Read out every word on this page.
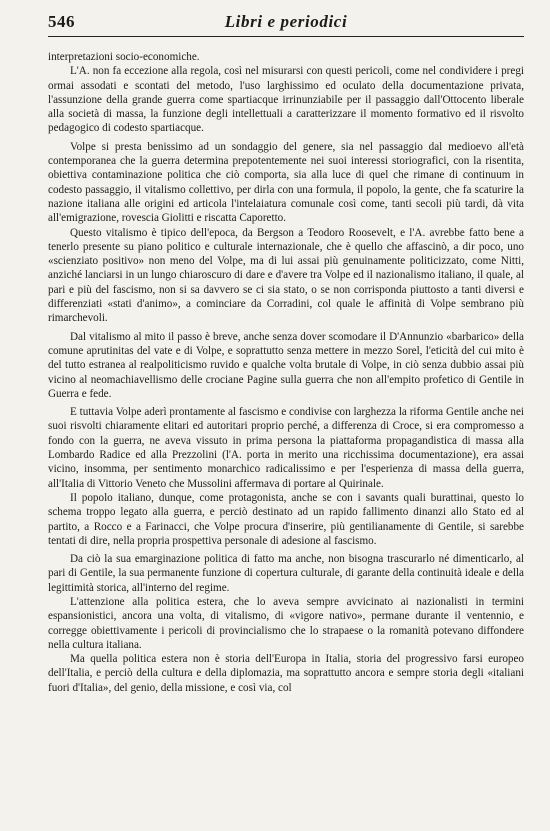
546	Libri e periodici

interpretazioni socio-economiche.

L'A. non fa eccezione alla regola, così nel misurarsi con questi pericoli, come nel condividere i pregi ormai assodati e scontati del metodo, l'uso larghissimo ed oculato della documentazione privata, l'assunzione della grande guerra come spartiacque irrinunziabile per il passaggio dall'Ottocento liberale alla società di massa, la funzione degli intellettuali a caratterizzare il momento formativo ed il risvolto pedagogico di codesto spartiacque.

Volpe si presta benissimo ad un sondaggio del genere, sia nel passaggio dal medioevo all'età contemporanea che la guerra determina prepotentemente nei suoi interessi storiografici, con la risentita, obiettiva contaminazione politica che ciò comporta, sia alla luce di quel che rimane di continuum in codesto passaggio, il vitalismo collettivo, per dirla con una formula, il popolo, la gente, che fa scaturire la nazione italiana alle origini ed articola l'intelaiatura comunale così come, tanti secoli più tardi, dà vita all'emigrazione, rovescia Giolitti e riscatta Caporetto.

Questo vitalismo è tipico dell'epoca, da Bergson a Teodoro Roosevelt, e l'A. avrebbe fatto bene a tenerlo presente su piano politico e culturale internazionale, che è quello che affascinò, a dir poco, uno «scienziato positivo» non meno del Volpe, ma di lui assai più genuinamente politicizzato, come Nitti, anziché lanciarsi in un lungo chiaroscuro di dare e d'avere tra Volpe ed il nazionalismo italiano, il quale, al pari e più del fascismo, non si sa davvero se ci sia stato, o se non corrisponda piuttosto a tanti diversi e differenziati «stati d'animo», a cominciare da Corradini, col quale le affinità di Volpe sembrano più rimarchevoli.

Dal vitalismo al mito il passo è breve, anche senza dover scomodare il D'Annunzio «barbarico» della comune aprutinitas del vate e di Volpe, e soprattutto senza mettere in mezzo Sorel, l'eticità del cui mito è del tutto estranea al realpoliticismo ruvido e qualche volta brutale di Volpe, in ciò senza dubbio assai più vicino al neomachiavellismo delle crociane Pagine sulla guerra che non all'empito profetico di Gentile in Guerra e fede.

E tuttavia Volpe aderì prontamente al fascismo e condivise con larghezza la riforma Gentile anche nei suoi risvolti chiaramente elitari ed autoritari proprio perché, a differenza di Croce, si era compromesso a fondo con la guerra, ne aveva vissuto in prima persona la piattaforma propagandistica di massa alla Lombardo Radice ed alla Prezzolini (l'A. porta in merito una ricchissima documentazione), era assai vicino, insomma, per sentimento monarchico radicalissimo e per l'esperienza di massa della guerra, all'Italia di Vittorio Veneto che Mussolini affermava di portare al Quirinale.

Il popolo italiano, dunque, come protagonista, anche se con i savants quali burattinai, questo lo schema troppo legato alla guerra, e perciò destinato ad un rapido fallimento dinanzi allo Stato ed al partito, a Rocco e a Farinacci, che Volpe procura d'inserire, più gentilianamente di Gentile, si sarebbe tentati di dire, nella propria prospettiva personale di adesione al fascismo.

Da ciò la sua emarginazione politica di fatto ma anche, non bisogna trascurarlo né dimenticarlo, al pari di Gentile, la sua permanente funzione di copertura culturale, di garante della continuità ideale e della legittimità storica, all'interno del regime.

L'attenzione alla politica estera, che lo aveva sempre avvicinato ai nazionalisti in termini espansionistici, ancora una volta, di vitalismo, di «vigore nativo», permane durante il ventennio, e corregge obiettivamente i pericoli di provincialismo che lo strapaese o la romanità potevano diffondere nella cultura italiana.

Ma quella politica estera non è storia dell'Europa in Italia, storia del progressivo farsi europeo dell'Italia, e perciò della cultura e della diplomazia, ma soprattutto ancora e sempre storia degli «italiani fuori d'Italia», del genio, della missione, e così via, col
